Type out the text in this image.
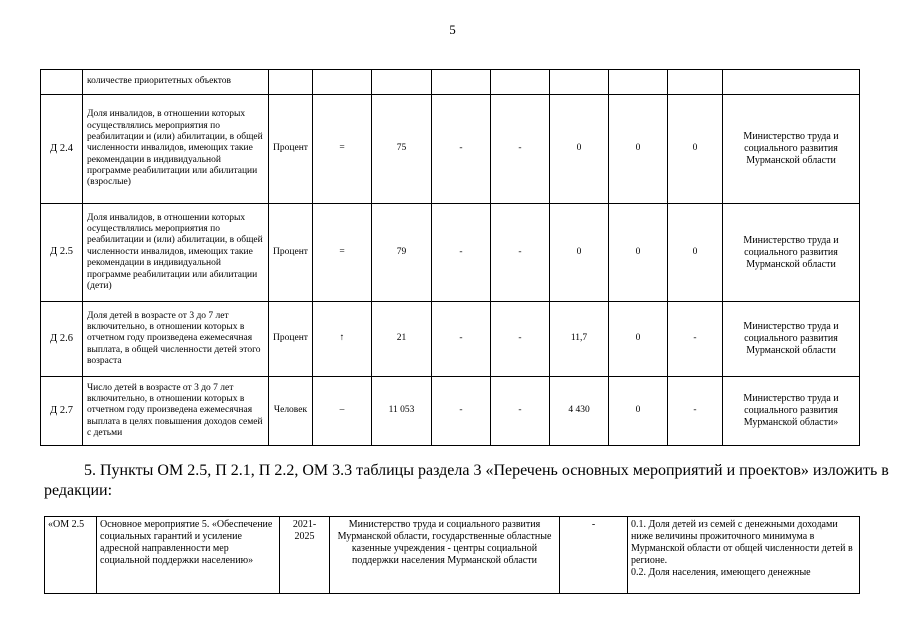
5
	количестве приоритетных объектов									
Д 2.4	Доля инвалидов, в отношении которых осуществлялись мероприятия по реабилитации и (или) абилитации, в общей численности инвалидов, имеющих такие рекомендации в индивидуальной программе реабилитации или абилитации (взрослые)	Процент	=	75	-	-	0	0	0	Министерство труда и социального развития Мурманской области
Д 2.5	Доля инвалидов, в отношении которых осуществлялись мероприятия по реабилитации и (или) абилитации, в общей численности инвалидов, имеющих такие рекомендации в индивидуальной программе реабилитации или абилитации (дети)	Процент	=	79	-	-	0	0	0	Министерство труда и социального развития Мурманской области
Д 2.6	Доля детей в возрасте от 3 до 7 лет включительно, в отношении которых в отчетном году произведена ежемесячная выплата, в общей численности детей этого возраста	Процент	↑	21	-	-	11,7	0	-	Министерство труда и социального развития Мурманской области
Д 2.7	Число детей в возрасте от 3 до 7 лет включительно, в отношении которых в отчетном году произведена ежемесячная выплата в целях повышения доходов семей с детьми	Человек	–	11 053	-	-	4 430	0	-	Министерство труда и социального развития Мурманской области»
5. Пункты ОМ 2.5, П 2.1, П 2.2, ОМ 3.3 таблицы раздела 3 «Перечень основных мероприятий и проектов» изложить в
редакции:
«ОМ 2.5	Основное мероприятие 5. «Обеспечение социальных гарантий и усиление адресной направленности мер социальной поддержки населению»	2021-2025	Министерство труда и социального развития Мурманской области, государственные областные казенные учреждения - центры социальной поддержки населения Мурманской области	-	0.1. Доля детей из семей с денежными доходами ниже величины прожиточного минимума в Мурманской области от общей численности детей в регионе.
0.2. Доля населения, имеющего денежные
